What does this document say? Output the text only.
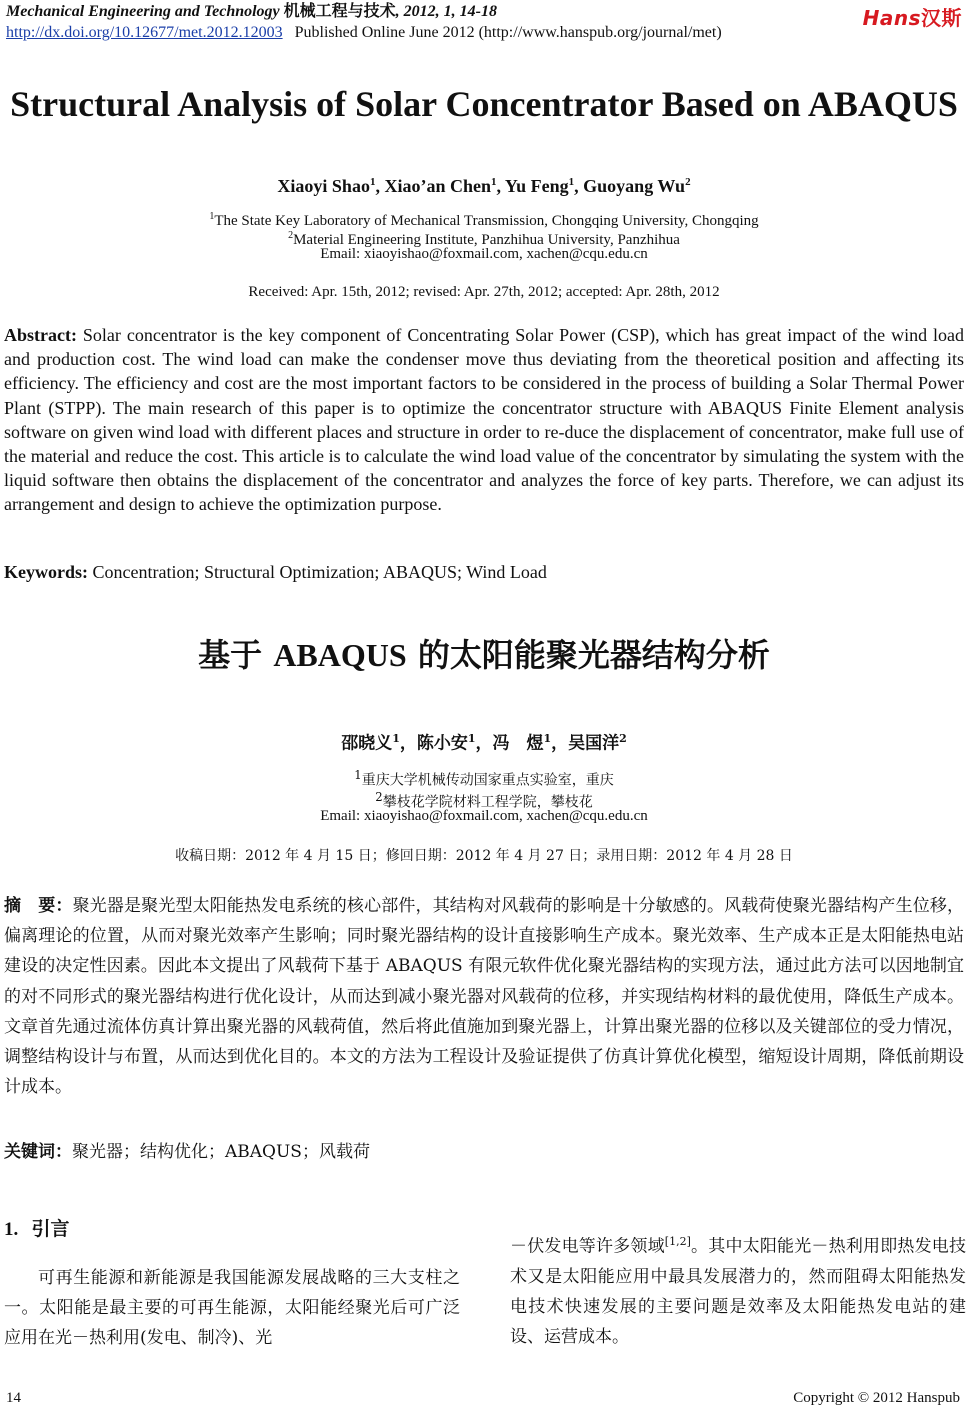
Mechanical Engineering and Technology 机械工程与技术, 2012, 1, 14-18
http://dx.doi.org/10.12677/met.2012.12003 Published Online June 2012 (http://www.hanspub.org/journal/met)
Hans汉斯
Structural Analysis of Solar Concentrator Based on ABAQUS
Xiaoyi Shao$^1$, Xiao’an Chen$^1$, Yu Feng$^1$, Guoyang Wu$^2$
$^1$The State Key Laboratory of Mechanical Transmission, Chongqing University, Chongqing
$^2$Material Engineering Institute, Panzhihua University, Panzhihua
Email: xiaoyishao@foxmail.com, xachen@cqu.edu.cn
Received: Apr. 15th, 2012; revised: Apr. 27th, 2012; accepted: Apr. 28th, 2012
Abstract: Solar concentrator is the key component of Concentrating Solar Power (CSP), which has great impact of the wind load and production cost. The wind load can make the condenser move thus deviating from the theoretical position and affecting its efficiency. The efficiency and cost are the most important factors to be considered in the process of building a Solar Thermal Power Plant (STPP). The main research of this paper is to optimize the concentrator structure with ABAQUS Finite Element analysis software on given wind load with different places and structure in order to re-duce the displacement of concentrator, make full use of the material and reduce the cost. This article is to calculate the wind load value of the concentrator by simulating the system with the liquid software then obtains the displacement of the concentrator and analyzes the force of key parts. Therefore, we can adjust its arrangement and design to achieve the optimization purpose.
Keywords: Concentration; Structural Optimization; ABAQUS; Wind Load
基于 ABAQUS 的太阳能聚光器结构分析
邵晓义$^1$，陈小安$^1$，冯　煜$^1$，吴国洋$^2$
$^1$重庆大学机械传动国家重点实验室，重庆
$^2$攀枝花学院材料工程学院，攀枝花
Email: xiaoyishao@foxmail.com, xachen@cqu.edu.cn
收稿日期：2012 年 4 月 15 日；修回日期：2012 年 4 月 27 日；录用日期：2012 年 4 月 28 日
摘　要：聚光器是聚光型太阳能热发电系统的核心部件，其结构对风载荷的影响是十分敏感的。风载荷使聚光器结构产生位移，偏离理论的位置，从而对聚光效率产生影响；同时聚光器结构的设计直接影响生产成本。聚光效率、生产成本正是太阳能热电站建设的决定性因素。因此本文提出了风载荷下基于 ABAQUS 有限元软件优化聚光器结构的实现方法，通过此方法可以因地制宜的对不同形式的聚光器结构进行优化设计，从而达到减小聚光器对风载荷的位移，并实现结构材料的最优使用，降低生产成本。文章首先通过流体仿真计算出聚光器的风载荷值，然后将此值施加到聚光器上，计算出聚光器的位移以及关键部位的受力情况，调整结构设计与布置，从而达到优化目的。本文的方法为工程设计及验证提供了仿真计算优化模型，缩短设计周期，降低前期设计成本。
关键词：聚光器；结构优化；ABAQUS；风载荷
1. 引言
可再生能源和新能源是我国能源发展战略的三大支柱之一。太阳能是最主要的可再生能源，太阳能经聚光后可广泛应用在光－热利用(发电、制冷)、光
－伏发电等许多领域[1,2]。其中太阳能光－热利用即热发电技术又是太阳能应用中最具发展潜力的，然而阻碍太阳能热发电技术快速发展的主要问题是效率及太阳能热发电站的建设、运营成本。
14	Copyright © 2012 Hanspub
